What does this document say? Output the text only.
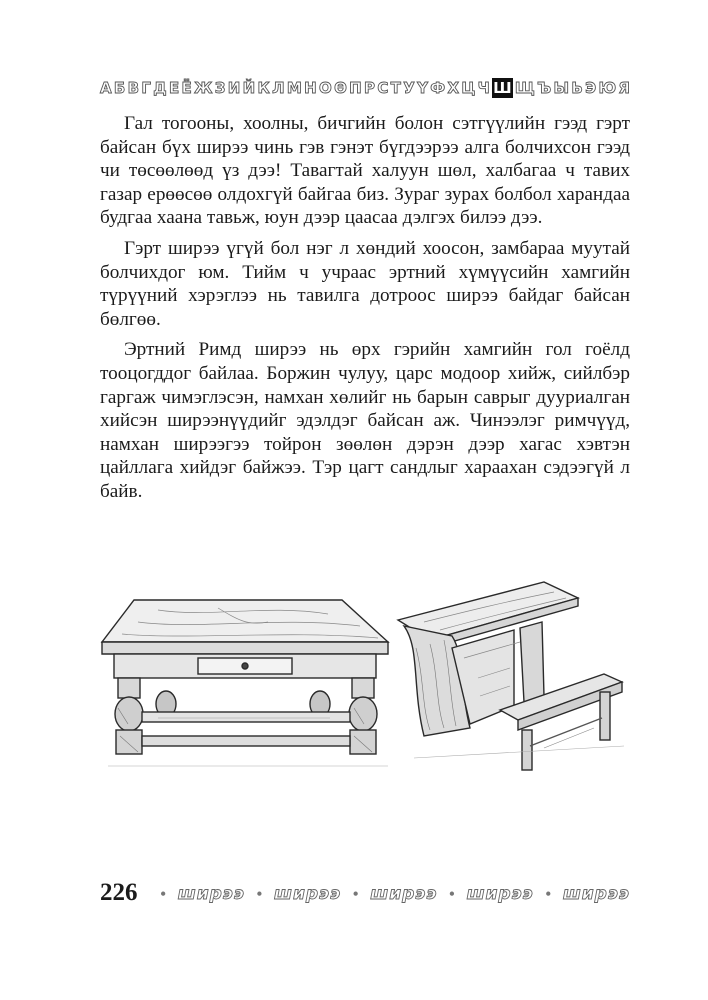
А Б В Г Д Е Ё Ж З И Й К Л М Н О Ө П Р С Т У Ү Ф Х Ц Ч Ш Щ Ъ Ы Ь Э Ю Я

Гал тогооны, хоолны, бичгийн болон сэтгүүлийн гээд гэрт байсан бүх ширээ чинь гэв гэнэт бүгдээрээ алга болчихсон гээд чи төсөөлөөд үз дээ! Тавагтай халуун шөл, халбагаа ч тавих газар ерөөсөө олдохгүй байгаа биз. Зураг зурах болбол харандаа будгаа хаана тавьж, юун дээр цаасаа дэлгэх билээ дээ.

Гэрт ширээ үгүй бол нэг л хөндий хоосон, замбараа муутай болчихдог юм. Тийм ч учраас эртний хүмүүсийн хамгийн түрүүний хэрэглээ нь тавилга дотроос ширээ байдаг байсан бөлгөө.

Эртний Римд ширээ нь өрх гэрийн хамгийн гол гоёлд тооцогддог байлаа. Боржин чулуу, царс модоор хийж, сийлбэр гаргаж чимэглэсэн, намхан хөлийг нь барын саврыг дууриалган хийсэн ширээнүүдийг эдэлдэг байсан аж. Чинээлэг римчүүд, намхан ширээгээ тойрон зөөлөн дэрэн дээр хагас хэвтэн цайллага хийдэг байжээ. Тэр цагт сандлыг хараахан сэдээгүй л байв.

226 • ширээ • ширээ • ширээ • ширээ • ширээ
